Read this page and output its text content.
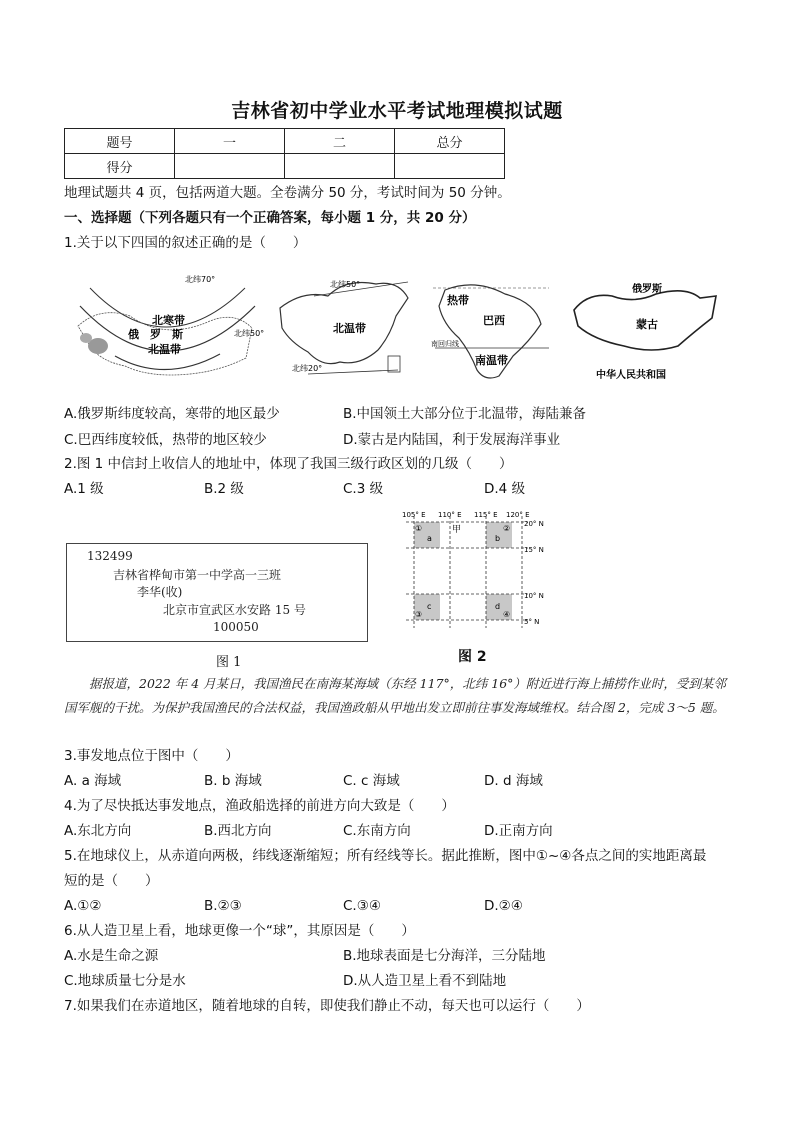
吉林省初中学业水平考试地理模拟试题
题号	一	二	总分
得分			
地理试题共 4 页，包括两道大题。全卷满分 50 分，考试时间为 50 分钟。
一、选择题（下列各题只有一个正确答案，每小题 1 分，共 20 分）
1.关于以下四国的叙述正确的是（　　）
北纬70°
北纬50°
北寒带
俄　罗　斯
北温带
北纬50°
北温带
北纬20°
热带
巴西
南回归线
南温带
俄罗斯
蒙古
中华人民共和国
A.俄罗斯纬度较高，寒带的地区最少	B.中国领土大部分位于北温带，海陆兼备
C.巴西纬度较低，热带的地区较少	D.蒙古是内陆国，利于发展海洋事业
2.图 1 中信封上收信人的地址中，体现了我国三级行政区划的几级（　　）
A.1 级	B.2 级	C.3 级	D.4 级
132499
吉林省桦甸市第一中学高一三班
李华(收)
北京市宣武区水安路 15 号
100050
图 1
105° E 110° E 115° E 120° E
20° N
15° N
10° N
5° N
①	②
③	④
a
甲
b
c	d
图 2
据报道，2022 年 4 月某日，我国渔民在南海某海域（东经 117°，北纬 16°）附近进行海上捕捞作业时，受到某邻国军舰的干扰。为保护我国渔民的合法权益，我国渔政船从甲地出发立即前往事发海域维权。结合图 2，完成 3～5 题。
3.事发地点位于图中（　　）
A. a 海域	B. b 海域	C. c 海域	D. d 海域
4.为了尽快抵达事发地点，渔政船选择的前进方向大致是（　　）
A.东北方向	B.西北方向	C.东南方向	D.正南方向
5.在地球仪上，从赤道向两极，纬线逐渐缩短；所有经线等长。据此推断，图中①~④各点之间的实地距离最
短的是（　　）
A.①②	B.②③	C.③④	D.②④
6.从人造卫星上看，地球更像一个“球”，其原因是（　　）
A.水是生命之源	B.地球表面是七分海洋，三分陆地
C.地球质量七分是水	D.从人造卫星上看不到陆地
7.如果我们在赤道地区，随着地球的自转，即使我们静止不动，每天也可以运行（　　）
